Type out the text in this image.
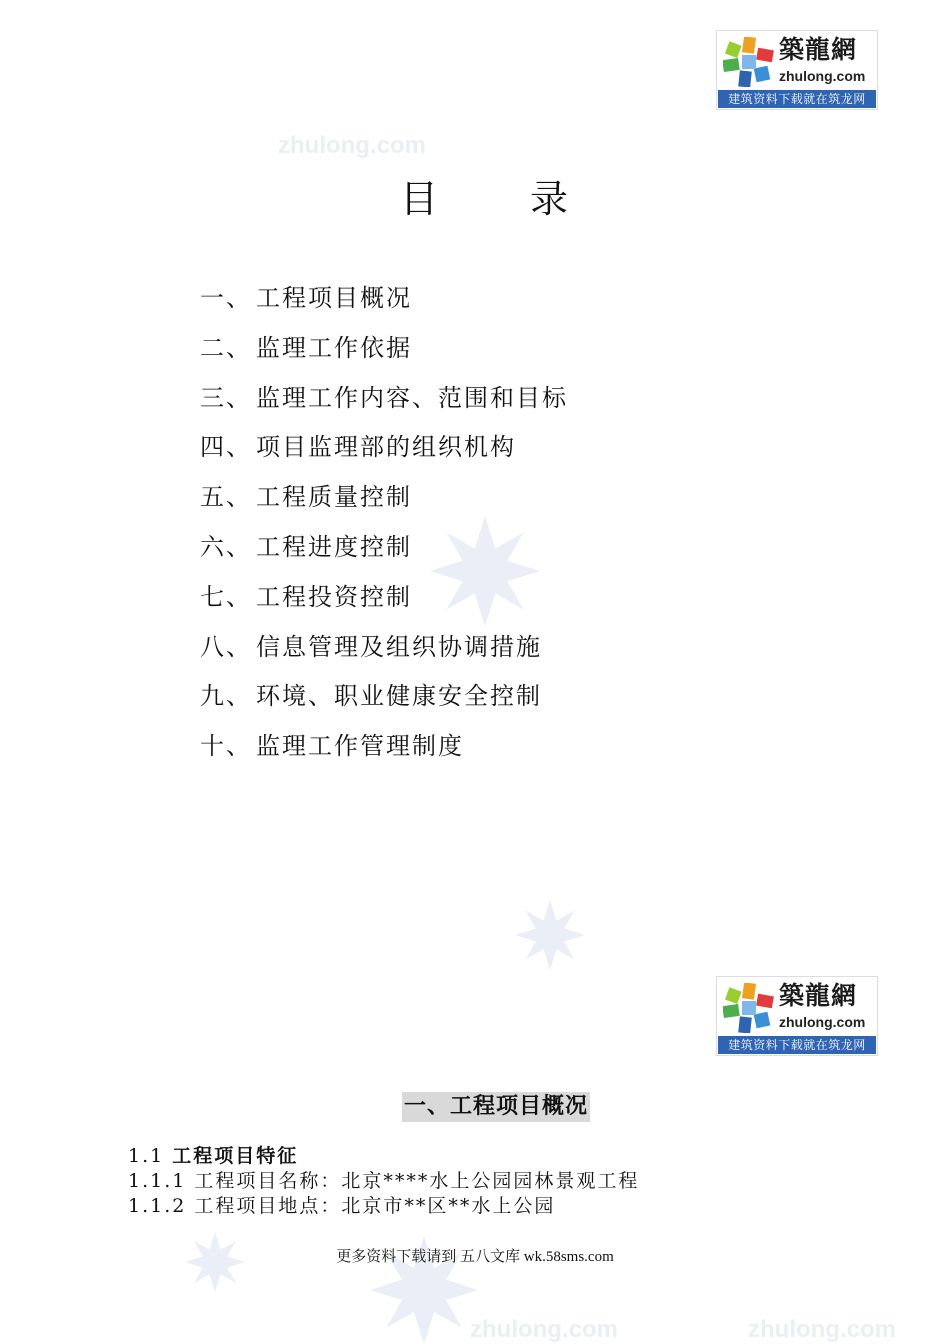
zhulong.com
zhulong.com	zhulong.com
築龍網
zhulong.com
建筑资料下载就在筑龙网
目 录
一、 工程项目概况
二、 监理工作依据
三、 监理工作内容、范围和目标
四、 项目监理部的组织机构
五、 工程质量控制
六、 工程进度控制
七、 工程投资控制
八、 信息管理及组织协调措施
九、 环境、职业健康安全控制
十、 监理工作管理制度
築龍網
zhulong.com
建筑资料下载就在筑龙网
一、工程项目概况
1.1 工程项目特征
1.1.1 工程项目名称：北京****水上公园园林景观工程
1.1.2 工程项目地点：北京市**区**水上公园
更多资料下载请到 五八文库 wk.58sms.com
